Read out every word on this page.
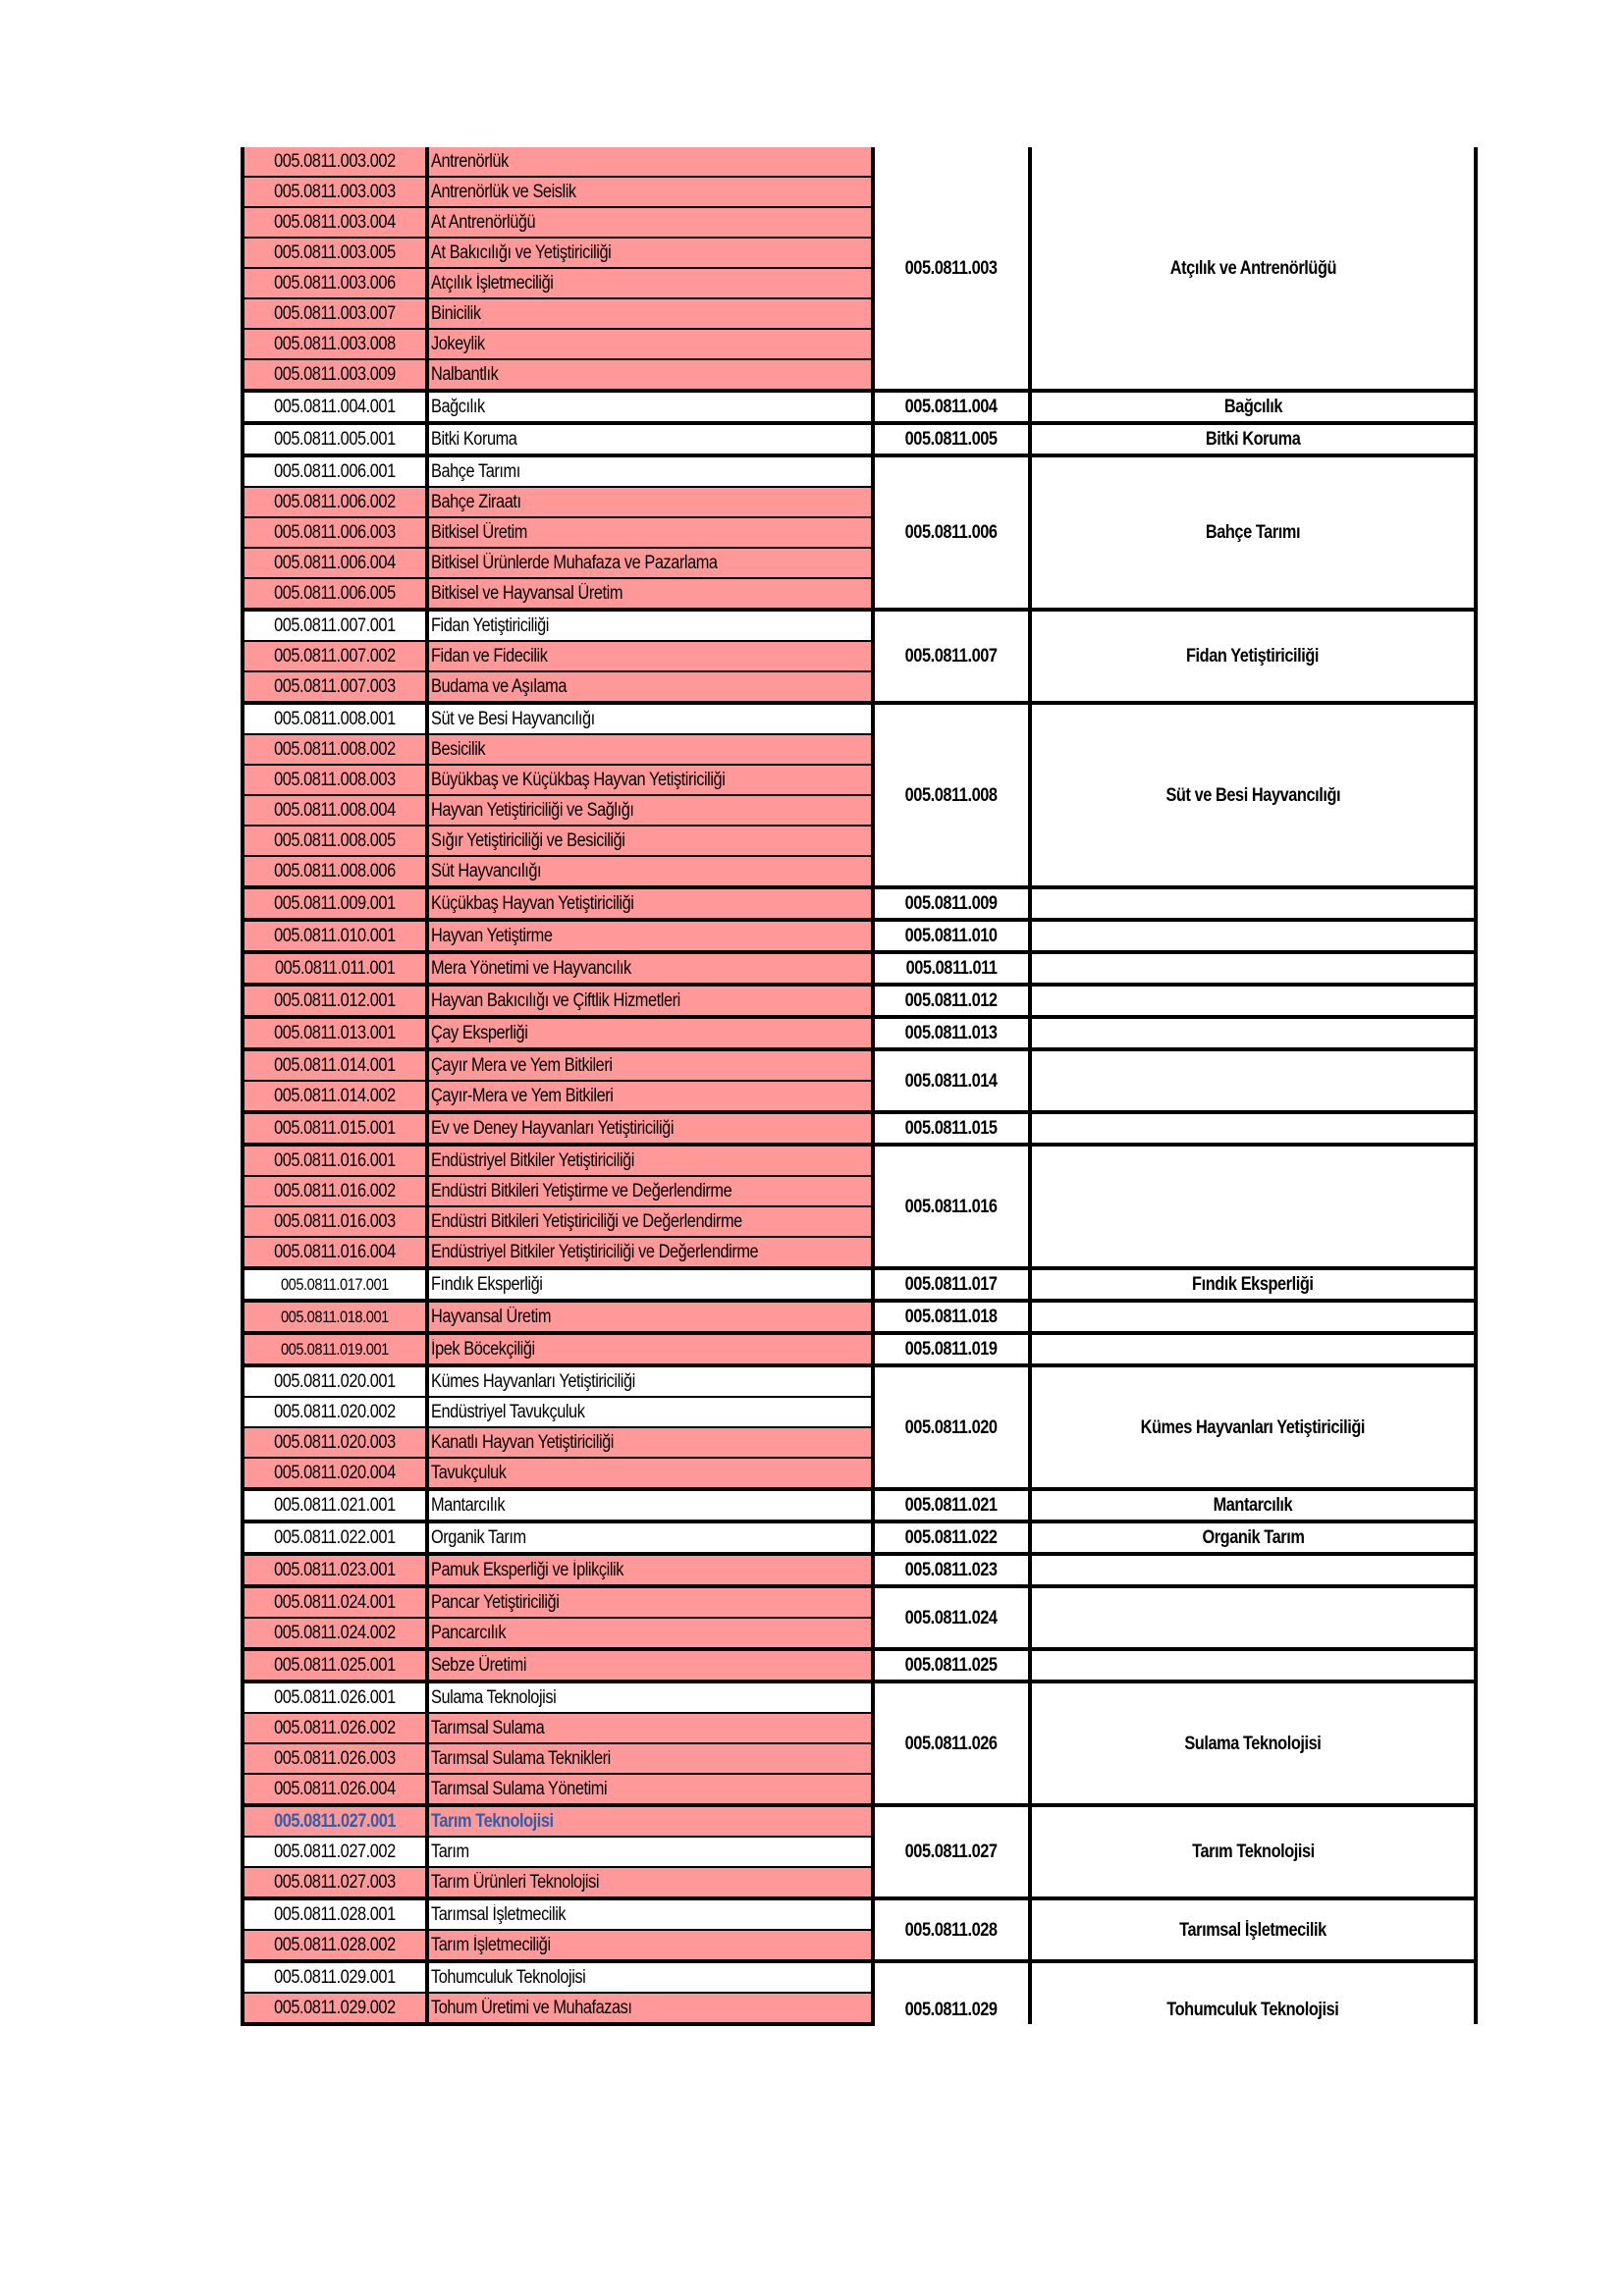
005.0811.003.002	Antrenörlük	005.0811.003	Atçılık ve Antrenörlüğü
005.0811.003.003	Antrenörlük ve Seislik		
005.0811.003.004	At Antrenörlüğü		
005.0811.003.005	At Bakıcılığı ve Yetiştiriciliği		
005.0811.003.006	Atçılık İşletmeciliği		
005.0811.003.007	Binicilik		
005.0811.003.008	Jokeylik		
005.0811.003.009	Nalbantlık		
005.0811.004.001	Bağcılık	005.0811.004	Bağcılık
005.0811.005.001	Bitki Koruma	005.0811.005	Bitki Koruma
005.0811.006.001	Bahçe Tarımı	005.0811.006	Bahçe Tarımı
005.0811.006.002	Bahçe Ziraatı		
005.0811.006.003	Bitkisel Üretim		
005.0811.006.004	Bitkisel Ürünlerde Muhafaza ve Pazarlama		
005.0811.006.005	Bitkisel ve Hayvansal Üretim		
005.0811.007.001	Fidan Yetiştiriciliği	005.0811.007	Fidan Yetiştiriciliği
005.0811.007.002	Fidan ve Fidecilik		
005.0811.007.003	Budama ve Aşılama		
005.0811.008.001	Süt ve Besi Hayvancılığı	005.0811.008	Süt ve Besi Hayvancılığı
005.0811.008.002	Besicilik		
005.0811.008.003	Büyükbaş ve Küçükbaş Hayvan Yetiştiriciliği		
005.0811.008.004	Hayvan Yetiştiriciliği ve Sağlığı		
005.0811.008.005	Sığır Yetiştiriciliği ve Besiciliği		
005.0811.008.006	Süt Hayvancılığı		
005.0811.009.001	Küçükbaş Hayvan Yetiştiriciliği	005.0811.009	
005.0811.010.001	Hayvan Yetiştirme	005.0811.010	
005.0811.011.001	Mera Yönetimi ve Hayvancılık	005.0811.011	
005.0811.012.001	Hayvan Bakıcılığı ve Çiftlik Hizmetleri	005.0811.012	
005.0811.013.001	Çay Eksperliği	005.0811.013	
005.0811.014.001	Çayır Mera ve Yem Bitkileri	005.0811.014	
005.0811.014.002	Çayır-Mera ve Yem Bitkileri		
005.0811.015.001	Ev ve Deney Hayvanları Yetiştiriciliği	005.0811.015	
005.0811.016.001	Endüstriyel Bitkiler Yetiştiriciliği	005.0811.016	
005.0811.016.002	Endüstri Bitkileri Yetiştirme ve Değerlendirme		
005.0811.016.003	Endüstri Bitkileri Yetiştiriciliği ve Değerlendirme		
005.0811.016.004	Endüstriyel Bitkiler Yetiştiriciliği ve Değerlendirme		
005.0811.017.001	Fındık Eksperliği	005.0811.017	Fındık Eksperliği
005.0811.018.001	Hayvansal Üretim	005.0811.018	
005.0811.019.001	İpek Böcekçiliği	005.0811.019	
005.0811.020.001	Kümes Hayvanları Yetiştiriciliği	005.0811.020	Kümes Hayvanları Yetiştiriciliği
005.0811.020.002	Endüstriyel Tavukçuluk		
005.0811.020.003	Kanatlı Hayvan Yetiştiriciliği		
005.0811.020.004	Tavukçuluk		
005.0811.021.001	Mantarcılık	005.0811.021	Mantarcılık
005.0811.022.001	Organik Tarım	005.0811.022	Organik Tarım
005.0811.023.001	Pamuk Eksperliği ve İplikçilik	005.0811.023	
005.0811.024.001	Pancar Yetiştiriciliği	005.0811.024	
005.0811.024.002	Pancarcılık		
005.0811.025.001	Sebze Üretimi	005.0811.025	
005.0811.026.001	Sulama Teknolojisi	005.0811.026	Sulama Teknolojisi
005.0811.026.002	Tarımsal Sulama		
005.0811.026.003	Tarımsal Sulama Teknikleri		
005.0811.026.004	Tarımsal Sulama Yönetimi		
005.0811.027.001	Tarım Teknolojisi	005.0811.027	Tarım Teknolojisi
005.0811.027.002	Tarım		
005.0811.027.003	Tarım Ürünleri Teknolojisi		
005.0811.028.001	Tarımsal İşletmecilik	005.0811.028	Tarımsal İşletmecilik
005.0811.028.002	Tarım İşletmeciliği		
005.0811.029.001	Tohumculuk Teknolojisi	005.0811.029	Tohumculuk Teknolojisi
005.0811.029.002	Tohum Üretimi ve Muhafazası		
